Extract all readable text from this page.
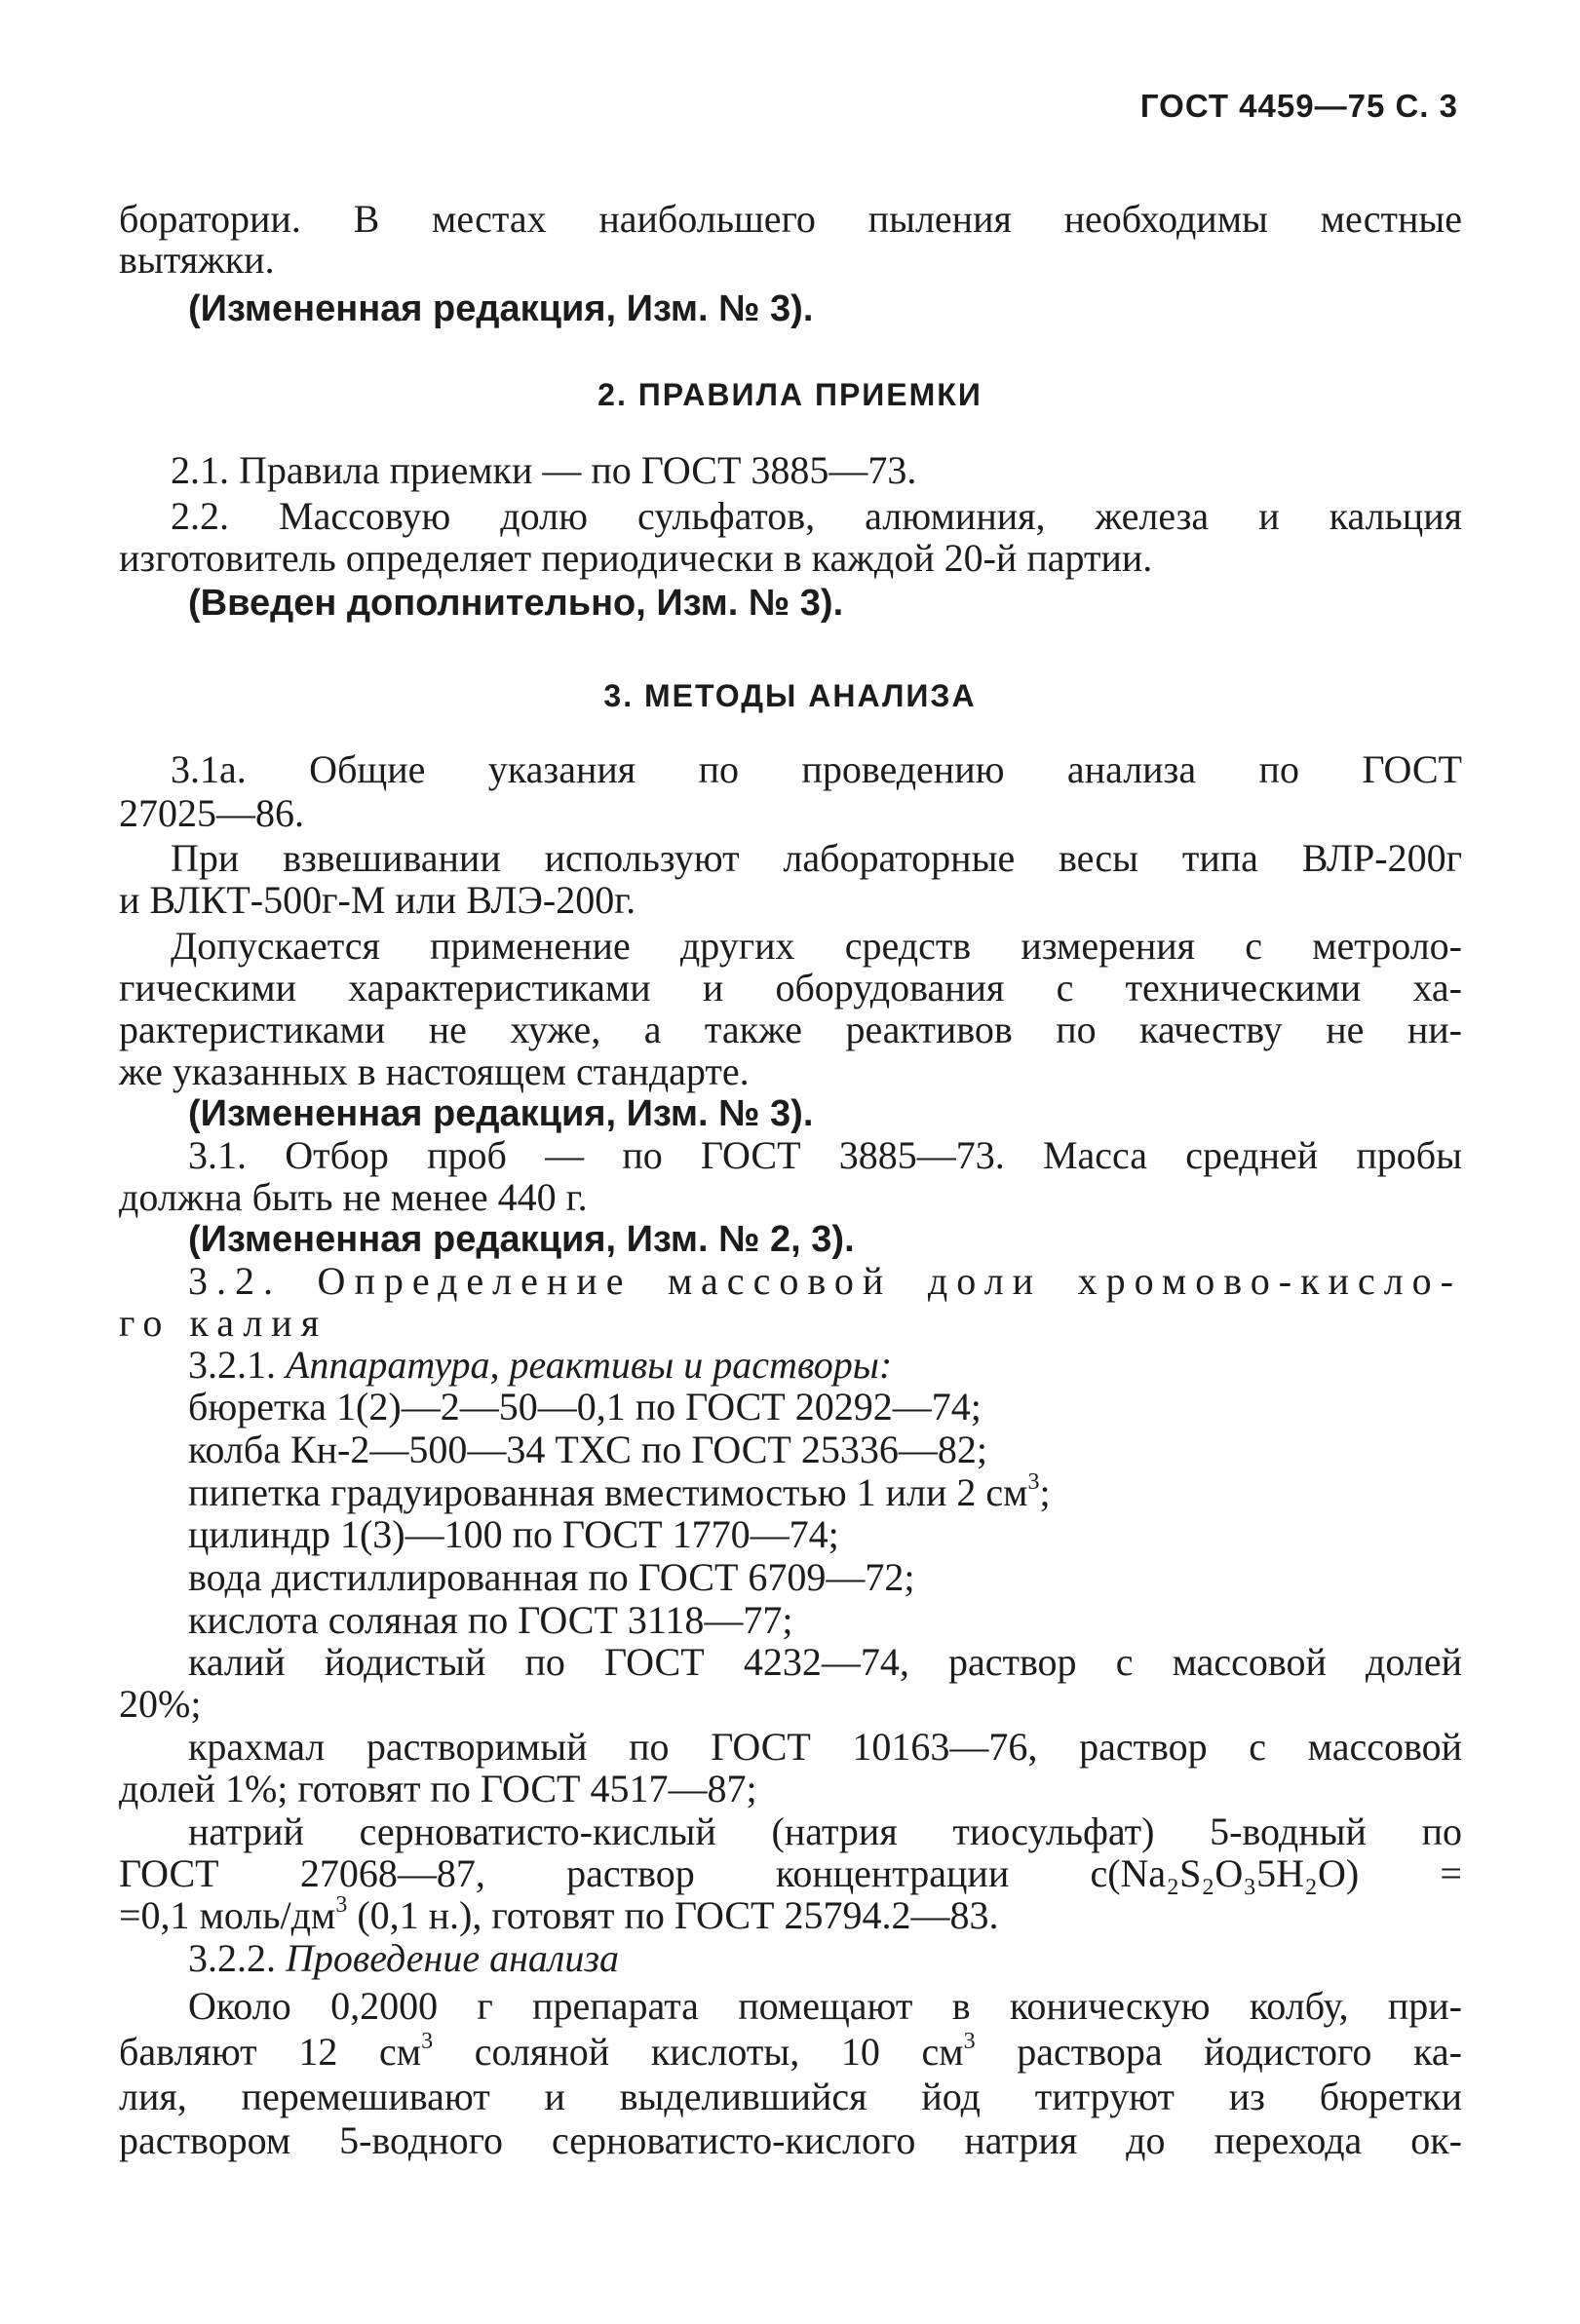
ГОСТ 4459—75 С. 3
боратории. В местах наибольшего пыления необходимы местные
вытяжки.
(Измененная редакция, Изм. № 3).
2. ПРАВИЛА ПРИЕМКИ
2.1. Правила приемки — по ГОСТ 3885—73.
2.2. Массовую долю сульфатов, алюминия, железа и кальция
изготовитель определяет периодически в каждой 20-й партии.
(Введен дополнительно, Изм. № 3).
3. МЕТОДЫ АНАЛИЗА
3.1а. Общие указания по проведению анализа по ГОСТ
27025—86.
При взвешивании используют лабораторные весы типа ВЛР-200г
и ВЛКТ-500г-М или ВЛЭ-200г.
Допускается применение других средств измерения с метроло-
гическими характеристиками и оборудования с техническими ха-
рактеристиками не хуже, а также реактивов по качеству не ни-
же указанных в настоящем стандарте.
(Измененная редакция, Изм. № 3).
3.1. Отбор проб — по ГОСТ 3885—73. Масса средней пробы
должна быть не менее 440 г.
(Измененная редакция, Изм. № 2, 3).
3.2. Определение массовой доли хромово-кисло-
го калия
3.2.1. Аппаратура, реактивы и растворы:
бюретка 1(2)—2—50—0,1 по ГОСТ 20292—74;
колба Кн-2—500—34 ТХС по ГОСТ 25336—82;
пипетка градуированная вместимостью 1 или 2 $см^3$;
цилиндр 1(3)—100 по ГОСТ 1770—74;
вода дистиллированная по ГОСТ 6709—72;
кислота соляная по ГОСТ 3118—77;
калий йодистый по ГОСТ 4232—74, раствор с массовой долей
20%;
крахмал растворимый по ГОСТ 10163—76, раствор с массовой
долей 1%; готовят по ГОСТ 4517—87;
натрий серноватисто-кислый (натрия тиосульфат) 5-водный по
ГОСТ 27068—87, раствор концентрации c(Na₂S₂O₃5H₂O) =
=0,1 моль/$дм^3$ (0,1 н.), готовят по ГОСТ 25794.2—83.
3.2.2. Проведение анализа
Около 0,2000 г препарата помещают в коническую колбу, при-
бавляют 12 $см^3$ соляной кислоты, 10 $см^3$ раствора йодистого ка-
лия, перемешивают и выделившийся йод титруют из бюретки
раствором 5-водного серноватисто-кислого натрия до перехода ок-
